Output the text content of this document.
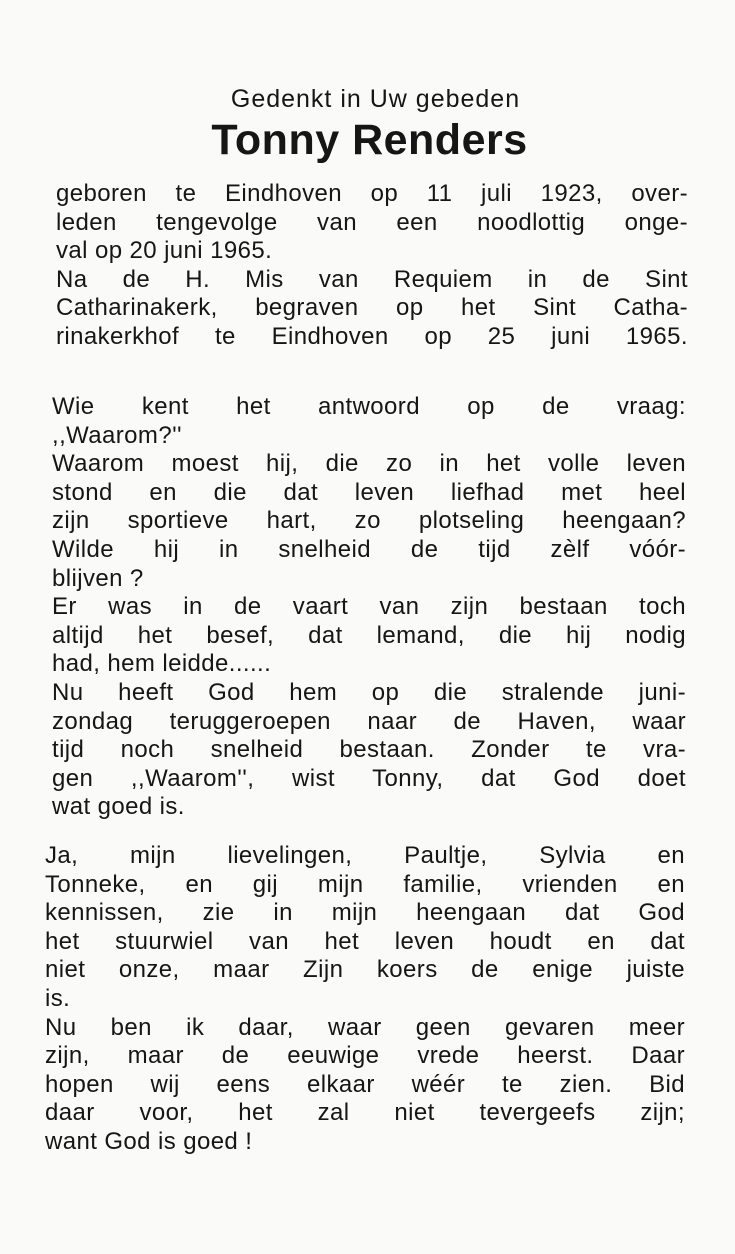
Gedenkt in Uw gebeden
Tonny Renders
geboren te Eindhoven op 11 juli 1923, over-
leden tengevolge van een noodlottig onge-
val op 20 juni 1965.
Na de H. Mis van Requiem in de Sint
Catharinakerk, begraven op het Sint Catha-
rinakerkhof te Eindhoven op 25 juni 1965.
Wie kent het antwoord op de vraag:
,,Waarom?''
Waarom moest hij, die zo in het volle leven
stond en die dat leven liefhad met heel
zijn sportieve hart, zo plotseling heengaan?
Wilde hij in snelheid de tijd zèlf vóór-
blijven ?
Er was in de vaart van zijn bestaan toch
altijd het besef, dat lemand, die hij nodig
had, hem leidde......
Nu heeft God hem op die stralende juni-
zondag teruggeroepen naar de Haven, waar
tijd noch snelheid bestaan. Zonder te vra-
gen ,,Waarom'', wist Tonny, dat God doet
wat goed is.
Ja, mijn lievelingen, Paultje, Sylvia en
Tonneke, en gij mijn familie, vrienden en
kennissen, zie in mijn heengaan dat God
het stuurwiel van het leven houdt en dat
niet onze, maar Zijn koers de enige juiste
is.
Nu ben ik daar, waar geen gevaren meer
zijn, maar de eeuwige vrede heerst. Daar
hopen wij eens elkaar wéér te zien. Bid
daar voor, het zal niet tevergeefs zijn;
want God is goed !
